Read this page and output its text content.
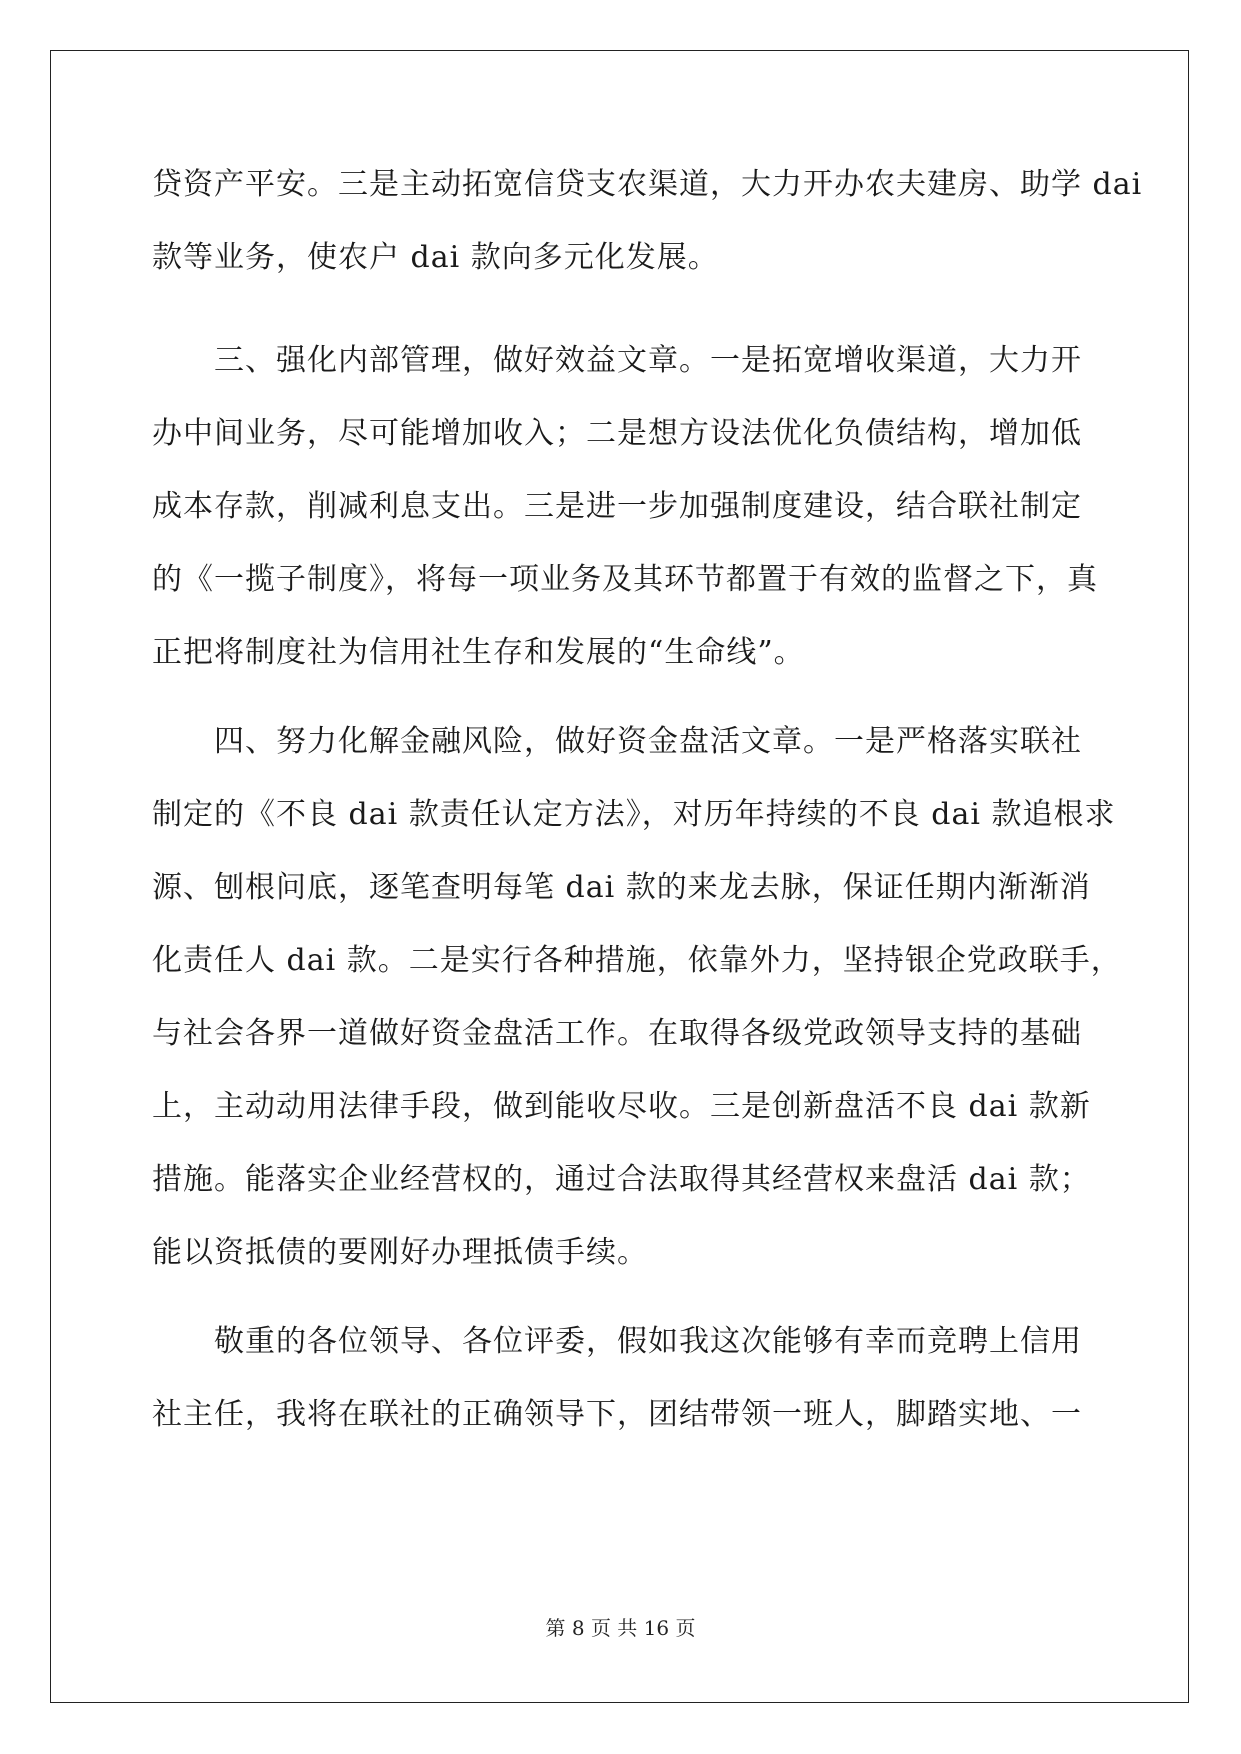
贷资产平安。三是主动拓宽信贷支农渠道，大力开办农夫建房、助学 dai
款等业务，使农户 dai 款向多元化发展。
三、强化内部管理，做好效益文章。一是拓宽增收渠道，大力开
办中间业务，尽可能增加收入；二是想方设法优化负债结构，增加低
成本存款，削减利息支出。三是进一步加强制度建设，结合联社制定
的《一揽子制度》，将每一项业务及其环节都置于有效的监督之下，真
正把将制度社为信用社生存和发展的“生命线”。
四、努力化解金融风险，做好资金盘活文章。一是严格落实联社
制定的《不良 dai 款责任认定方法》，对历年持续的不良 dai 款追根求
源、刨根问底，逐笔查明每笔 dai 款的来龙去脉，保证任期内渐渐消
化责任人 dai 款。二是实行各种措施，依靠外力，坚持银企党政联手，
与社会各界一道做好资金盘活工作。在取得各级党政领导支持的基础
上，主动动用法律手段，做到能收尽收。三是创新盘活不良 dai 款新
措施。能落实企业经营权的，通过合法取得其经营权来盘活 dai 款；
能以资抵债的要刚好办理抵债手续。
敬重的各位领导、各位评委，假如我这次能够有幸而竞聘上信用
社主任，我将在联社的正确领导下，团结带领一班人，脚踏实地、一
第 8 页 共 16 页
